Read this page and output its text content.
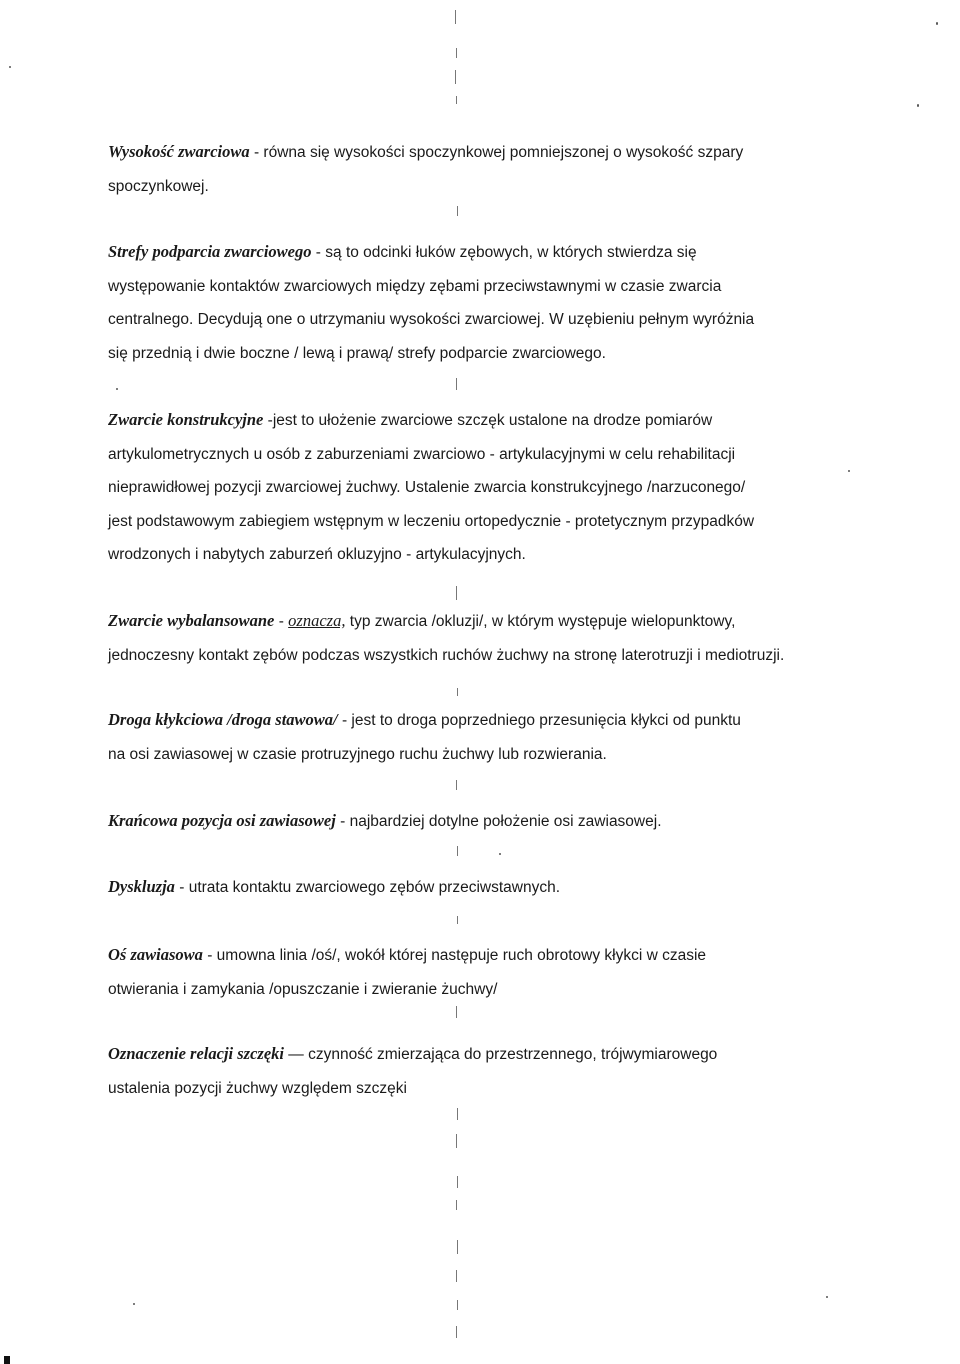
Wysokość zwarciowa - równa się wysokości spoczynkowej pomniejszonej o wysokość szpary
spoczynkowej.
Strefy podparcia zwarciowego - są to odcinki łuków zębowych, w których stwierdza się
występowanie kontaktów zwarciowych między zębami przeciwstawnymi w czasie zwarcia
centralnego. Decydują one o utrzymaniu wysokości zwarciowej. W uzębieniu pełnym wyróżnia
się przednią i dwie boczne / lewą i prawą/ strefy podparcie zwarciowego.
Zwarcie konstrukcyjne -jest to ułożenie zwarciowe szczęk ustalone na drodze pomiarów
artykulometrycznych u osób z zaburzeniami zwarciowo - artykulacyjnymi w celu rehabilitacji
nieprawidłowej pozycji zwarciowej żuchwy. Ustalenie zwarcia konstrukcyjnego /narzuconego/
jest podstawowym zabiegiem wstępnym w leczeniu ortopedycznie - protetycznym przypadków
wrodzonych i nabytych zaburzeń okluzyjno - artykulacyjnych.
Zwarcie wybalansowane - oznacza, typ zwarcia /okluzji/, w którym występuje wielopunktowy,
jednoczesny kontakt zębów podczas wszystkich ruchów żuchwy na stronę laterotruzji i mediotruzji.
Droga kłykciowa /droga stawowa/ - jest to droga poprzedniego przesunięcia kłykci od punktu
na osi zawiasowej w czasie protruzyjnego ruchu żuchwy lub rozwierania.
Krańcowa pozycja osi zawiasowej - najbardziej dotylne położenie osi zawiasowej.
Dyskluzja - utrata kontaktu zwarciowego zębów przeciwstawnych.
Oś zawiasowa - umowna linia /oś/, wokół której następuje ruch obrotowy kłykci w czasie
otwierania i zamykania /opuszczanie i zwieranie żuchwy/
Oznaczenie relacji szczęki — czynność zmierzająca do przestrzennego, trójwymiarowego
ustalenia pozycji żuchwy względem szczęki
